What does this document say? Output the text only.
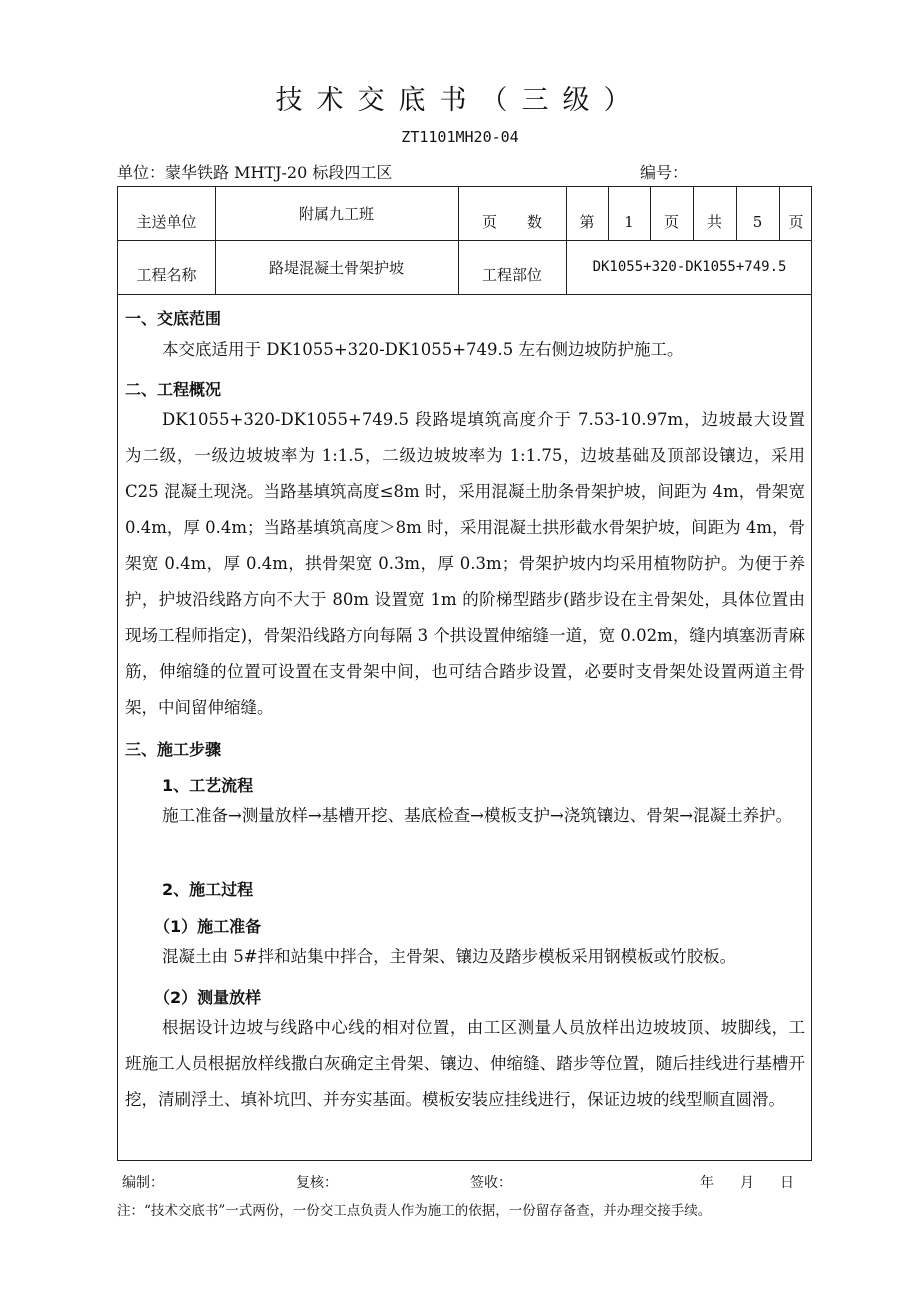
技术交底书（三级）
ZT1101MH20-04
单位：蒙华铁路 MHTJ-20 标段四工区	编号：
主送单位	附属九工班	页　　数	第	1	页	共	5	页
工程名称	路堤混凝土骨架护坡	工程部位	DK1055+320-DK1055+749.5
一、交底范围
本交底适用于 DK1055+320-DK1055+749.5 左右侧边坡防护施工。
二、工程概况
DK1055+320-DK1055+749.5 段路堤填筑高度介于 7.53-10.97m，边坡最大设置为二级，一级边坡坡率为 1:1.5，二级边坡坡率为 1:1.75，边坡基础及顶部设镶边，采用 C25 混凝土现浇。当路基填筑高度≤8m 时，采用混凝土肋条骨架护坡，间距为 4m，骨架宽 0.4m，厚 0.4m；当路基填筑高度＞8m 时，采用混凝土拱形截水骨架护坡，间距为 4m，骨架宽 0.4m，厚 0.4m，拱骨架宽 0.3m，厚 0.3m；骨架护坡内均采用植物防护。为便于养护，护坡沿线路方向不大于 80m 设置宽 1m 的阶梯型踏步(踏步设在主骨架处，具体位置由现场工程师指定)，骨架沿线路方向每隔 3 个拱设置伸缩缝一道，宽 0.02m，缝内填塞沥青麻筋，伸缩缝的位置可设置在支骨架中间，也可结合踏步设置，必要时支骨架处设置两道主骨架，中间留伸缩缝。
三、施工步骤
1、工艺流程
施工准备→测量放样→基槽开挖、基底检查→模板支护→浇筑镶边、骨架→混凝土养护。
2、施工过程
（1）施工准备
混凝土由 5#拌和站集中拌合，主骨架、镶边及踏步模板采用钢模板或竹胶板。
（2）测量放样
根据设计边坡与线路中心线的相对位置，由工区测量人员放样出边坡坡顶、坡脚线，工班施工人员根据放样线撒白灰确定主骨架、镶边、伸缩缝、踏步等位置，随后挂线进行基槽开挖，清刷浮土、填补坑凹、并夯实基面。模板安装应挂线进行，保证边坡的线型顺直圆滑。
编制：	复核：	签收：	年 月 日
注：“技术交底书”一式两份，一份交工点负责人作为施工的依据，一份留存备查，并办理交接手续。
